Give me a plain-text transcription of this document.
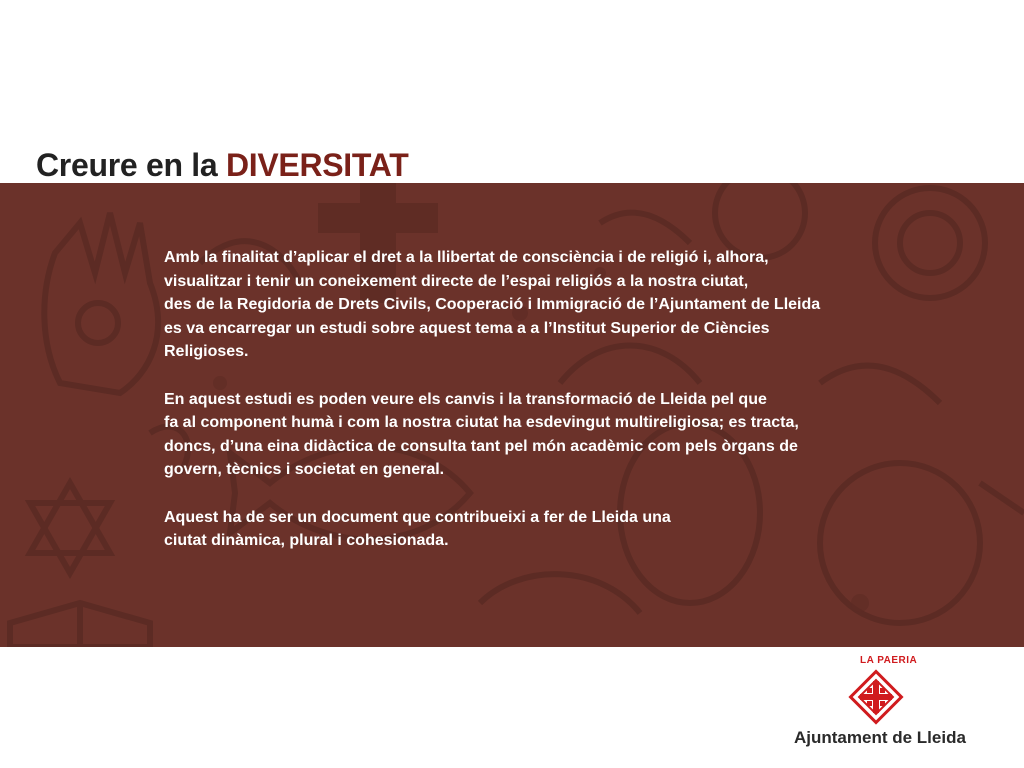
Creure en la DIVERSITAT
Amb la finalitat d’aplicar el dret a la llibertat de consciència i de religió i, alhora,
visualitzar i tenir un coneixement directe de l’espai religiós a la nostra ciutat,
des de la Regidoria de Drets Civils, Cooperació i Immigració de l’Ajuntament de Lleida
es va encarregar un estudi sobre aquest tema a a l’Institut Superior de Ciències
Religioses.
En aquest estudi es poden veure els canvis i la transformació de Lleida pel que
fa al component humà i com la nostra ciutat ha esdevingut multireligiosa; es tracta,
doncs, d’una eina didàctica de consulta tant pel món acadèmic com pels òrgans de
govern, tècnics i societat en general.
Aquest ha de ser un document que contribueixi a fer de Lleida una
ciutat dinàmica, plural i cohesionada.
LA PAERIA
Ajuntament de Lleida
